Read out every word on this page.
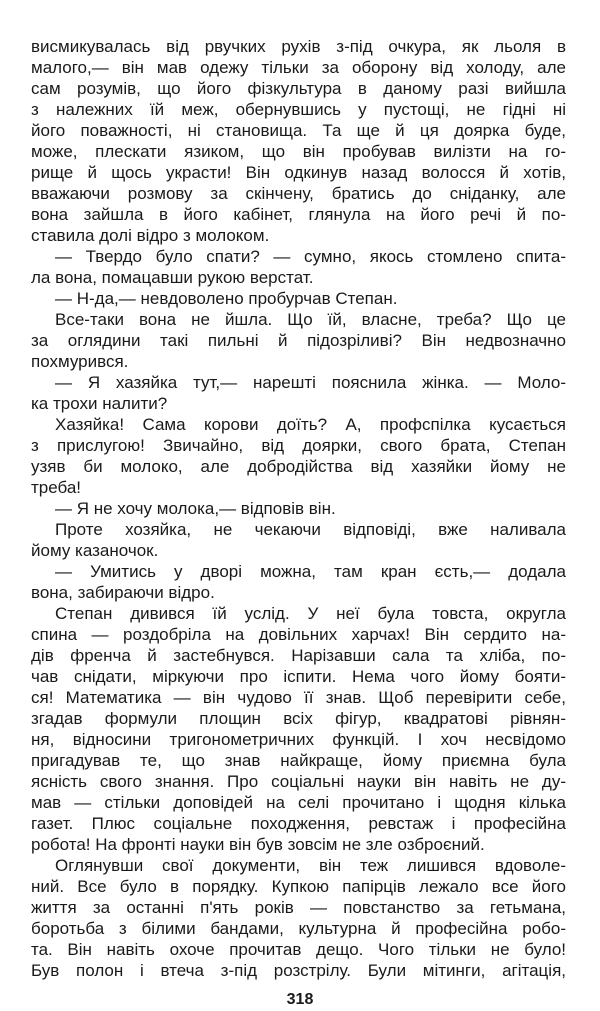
висмикувалась від рвучких рухів з-під очкура, як льоля в
малого,— він мав одежу тільки за оборону від холоду, але
сам розумів, що його фізкультура в даному разі вийшла
з належних їй меж, обернувшись у пустощі, не гідні ні
його поважності, ні становища. Та ще й ця доярка буде,
може, плескати язиком, що він пробував вилізти на го-
рище й щось украсти! Він одкинув назад волосся й хотів,
вважаючи розмову за скінчену, братись до сніданку, але
вона зайшла в його кабінет, глянула на його речі й по-
ставила долі відро з молоком.
— Твердо було спати? — сумно, якось стомлено спита-
ла вона, помацавши рукою верстат.
— Н-да,— невдоволено пробурчав Степан.
Все-таки вона не йшла. Що їй, власне, треба? Що це
за оглядини такі пильні й підозріливі? Він недвозначно
похмурився.
— Я хазяйка тут,— нарешті пояснила жінка. — Моло-
ка трохи налити?
Хазяйка! Сама корови доїть? А, профспілка кусається
з прислугою! Звичайно, від доярки, свого брата, Степан
узяв би молоко, але добродійства від хазяйки йому не
треба!
— Я не хочу молока,— відповів він.
Проте хозяйка, не чекаючи відповіді, вже наливала
йому казаночок.
— Умитись у дворі можна, там кран єсть,— додала
вона, забираючи відро.
Степан дивився їй услід. У неї була товста, округла
спина — роздобріла на довільних харчах! Він сердито на-
дів френча й застебнувся. Нарізавши сала та хліба, по-
чав снідати, міркуючи про іспити. Нема чого йому бояти-
ся! Математика — він чудово її знав. Щоб перевірити себе,
згадав формули площин всіх фігур, квадратові рівнян-
ня, відносини тригонометричних функцій. І хоч несвідомо
пригадував те, що знав найкраще, йому приємна була
ясність свого знання. Про соціальні науки він навіть не ду-
мав — стільки доповідей на селі прочитано і щодня кілька
газет. Плюс соціальне походження, ревстаж і професійна
робота! На фронті науки він був зовсім не зле озброєний.
Оглянувши свої документи, він теж лишився вдоволе-
ний. Все було в порядку. Купкою папірців лежало все його
життя за останні п'ять років — повстанство за гетьмана,
боротьба з білими бандами, культурна й професійна робо-
та. Він навіть охоче прочитав дещо. Чого тільки не було!
Був полон і втеча з-під розстрілу. Були мітинги, агітація,
318
